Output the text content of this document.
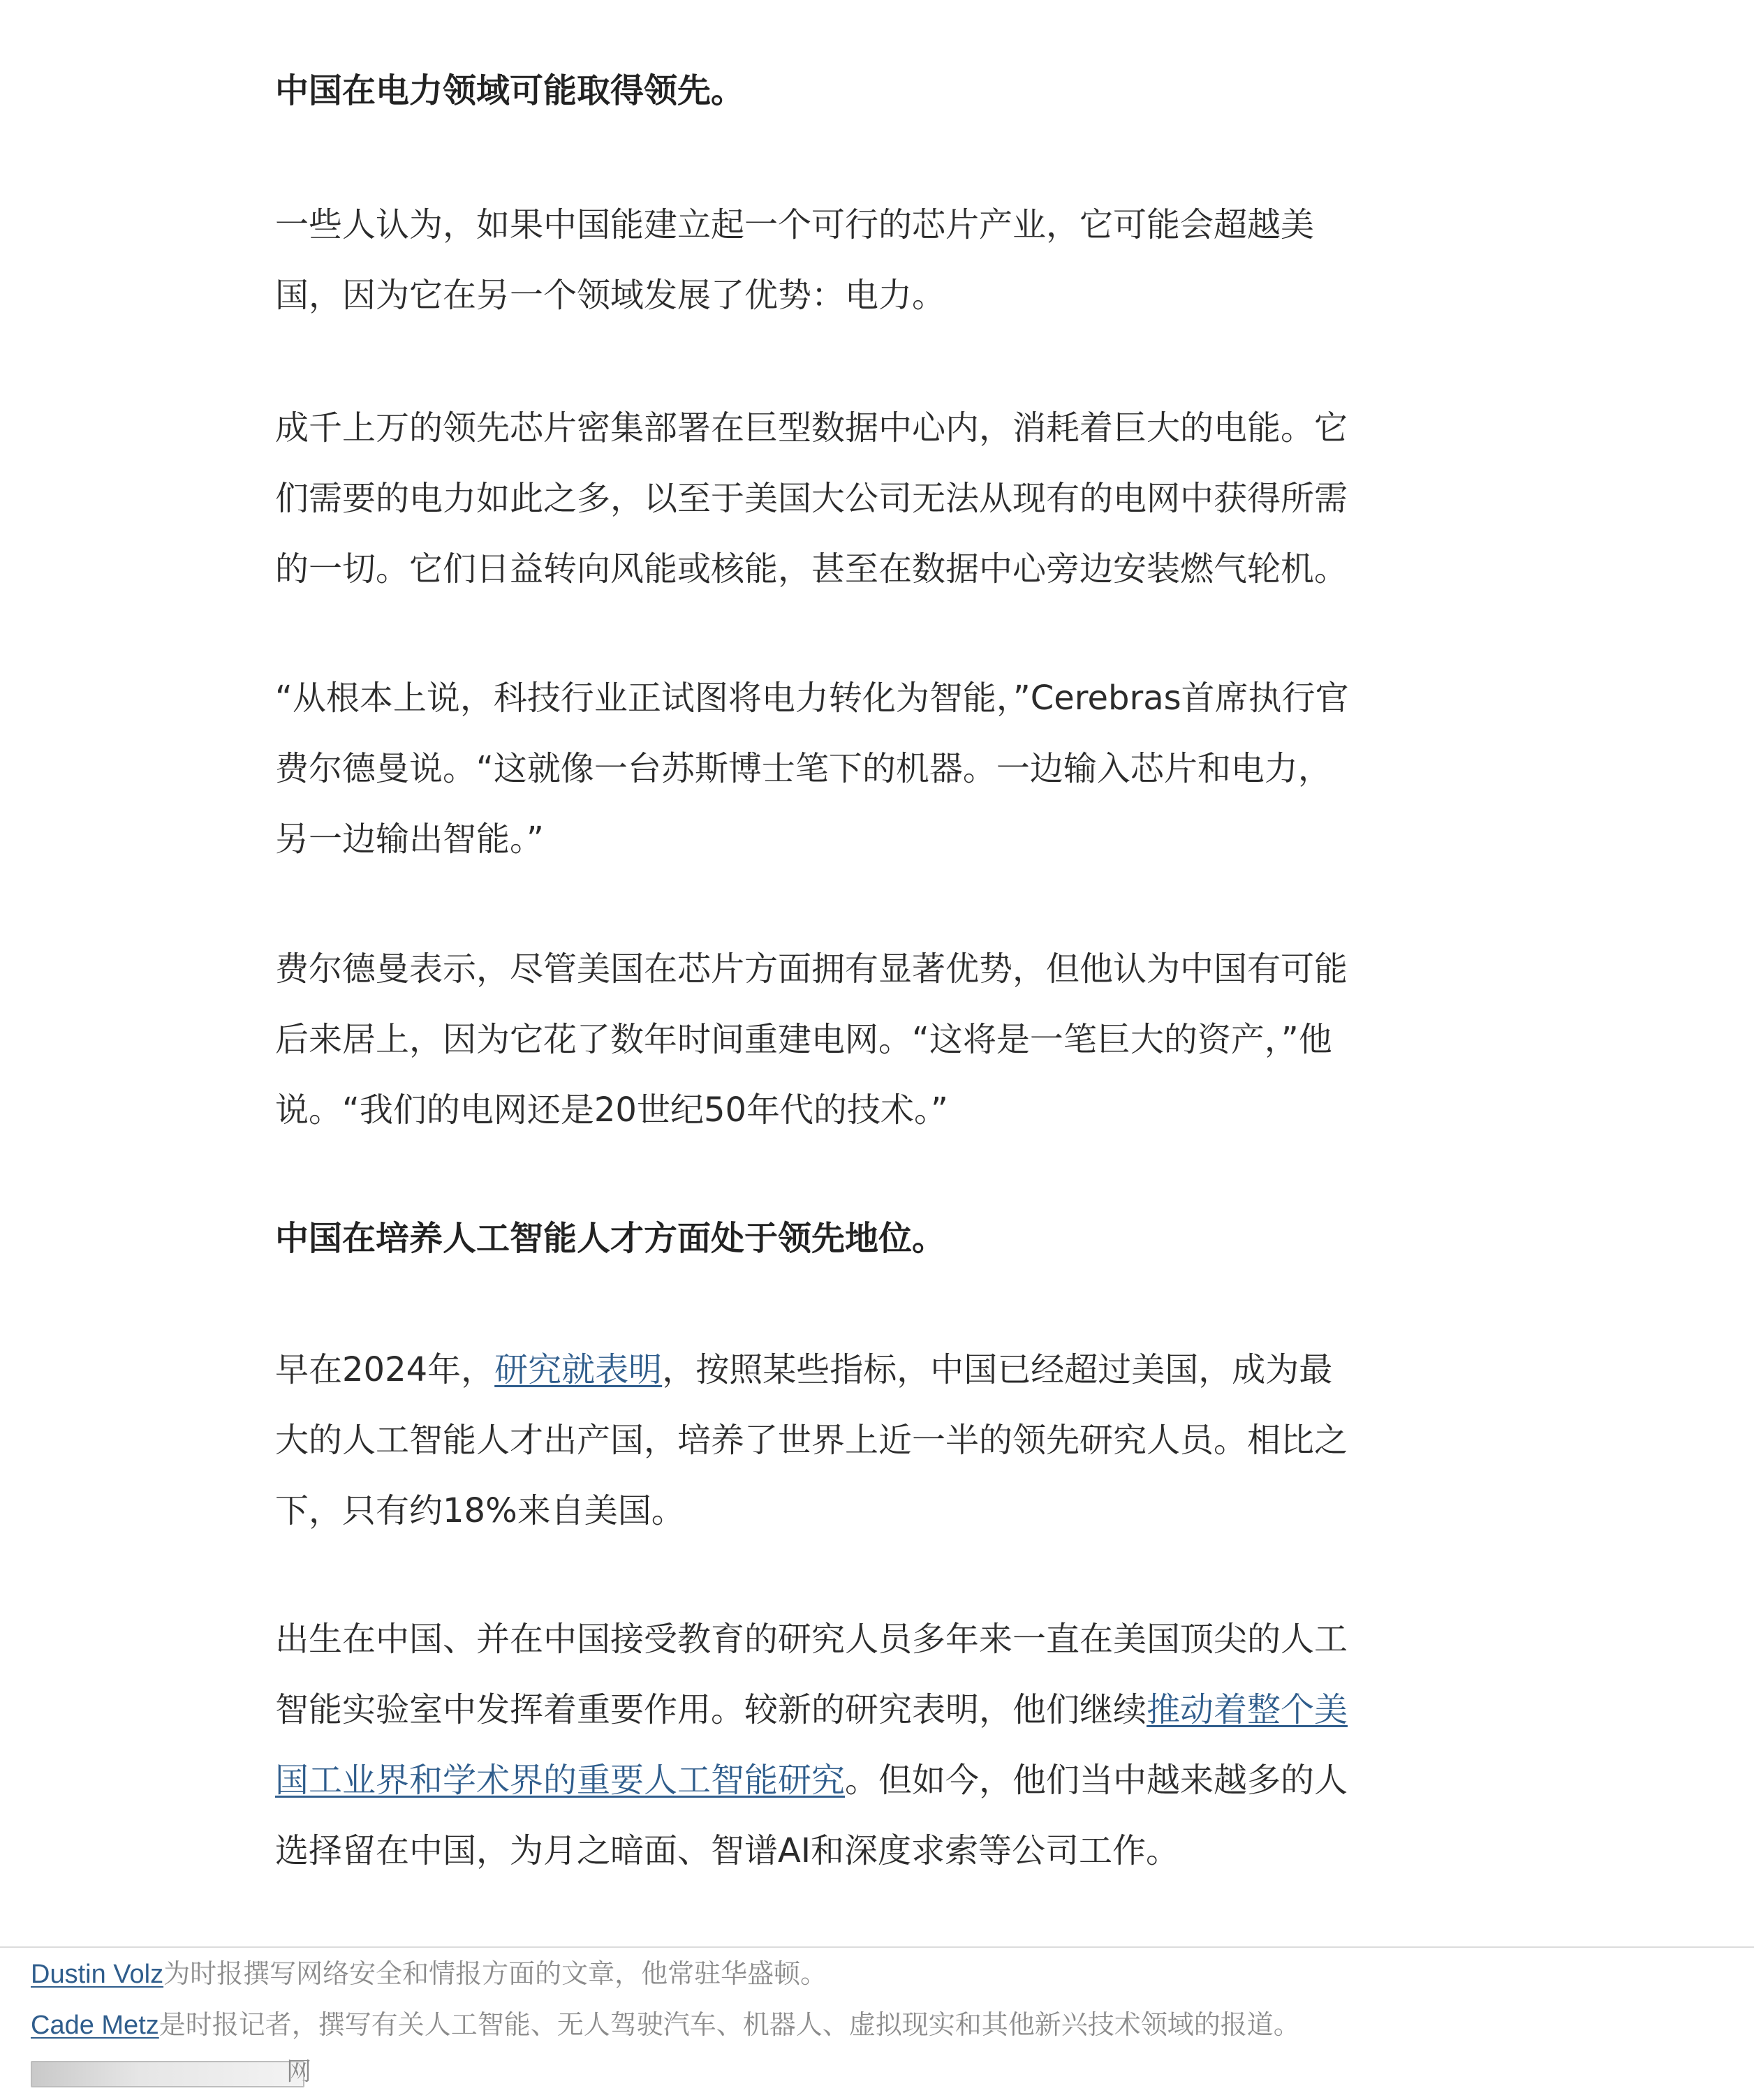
中国在电力领域可能取得领先。
一些人认为，如果中国能建立起一个可行的芯片产业，它可能会超越美
国，因为它在另一个领域发展了优势：电力。
成千上万的领先芯片密集部署在巨型数据中心内，消耗着巨大的电能。它
们需要的电力如此之多，以至于美国大公司无法从现有的电网中获得所需
的一切。它们日益转向风能或核能，甚至在数据中心旁边安装燃气轮机。
“从根本上说，科技行业正试图将电力转化为智能，”Cerebras首席执行官
费尔德曼说。“这就像一台苏斯博士笔下的机器。一边输入芯片和电力，
另一边输出智能。”
费尔德曼表示，尽管美国在芯片方面拥有显著优势，但他认为中国有可能
后来居上，因为它花了数年时间重建电网。“这将是一笔巨大的资产，”他
说。“我们的电网还是20世纪50年代的技术。”
中国在培养人工智能人才方面处于领先地位。
早在2024年，研究就表明，按照某些指标，中国已经超过美国，成为最
大的人工智能人才出产国，培养了世界上近一半的领先研究人员。相比之
下，只有约18%来自美国。
出生在中国、并在中国接受教育的研究人员多年来一直在美国顶尖的人工
智能实验室中发挥着重要作用。较新的研究表明，他们继续推动着整个美
国工业界和学术界的重要人工智能研究。但如今，他们当中越来越多的人
选择留在中国，为月之暗面、智谱AI和深度求索等公司工作。
Dustin Volz为时报撰写网络安全和情报方面的文章，他常驻华盛顿。
Cade Metz是时报记者，撰写有关人工智能、无人驾驶汽车、机器人、虚拟现实和其他新兴技术领域的报道。
网
